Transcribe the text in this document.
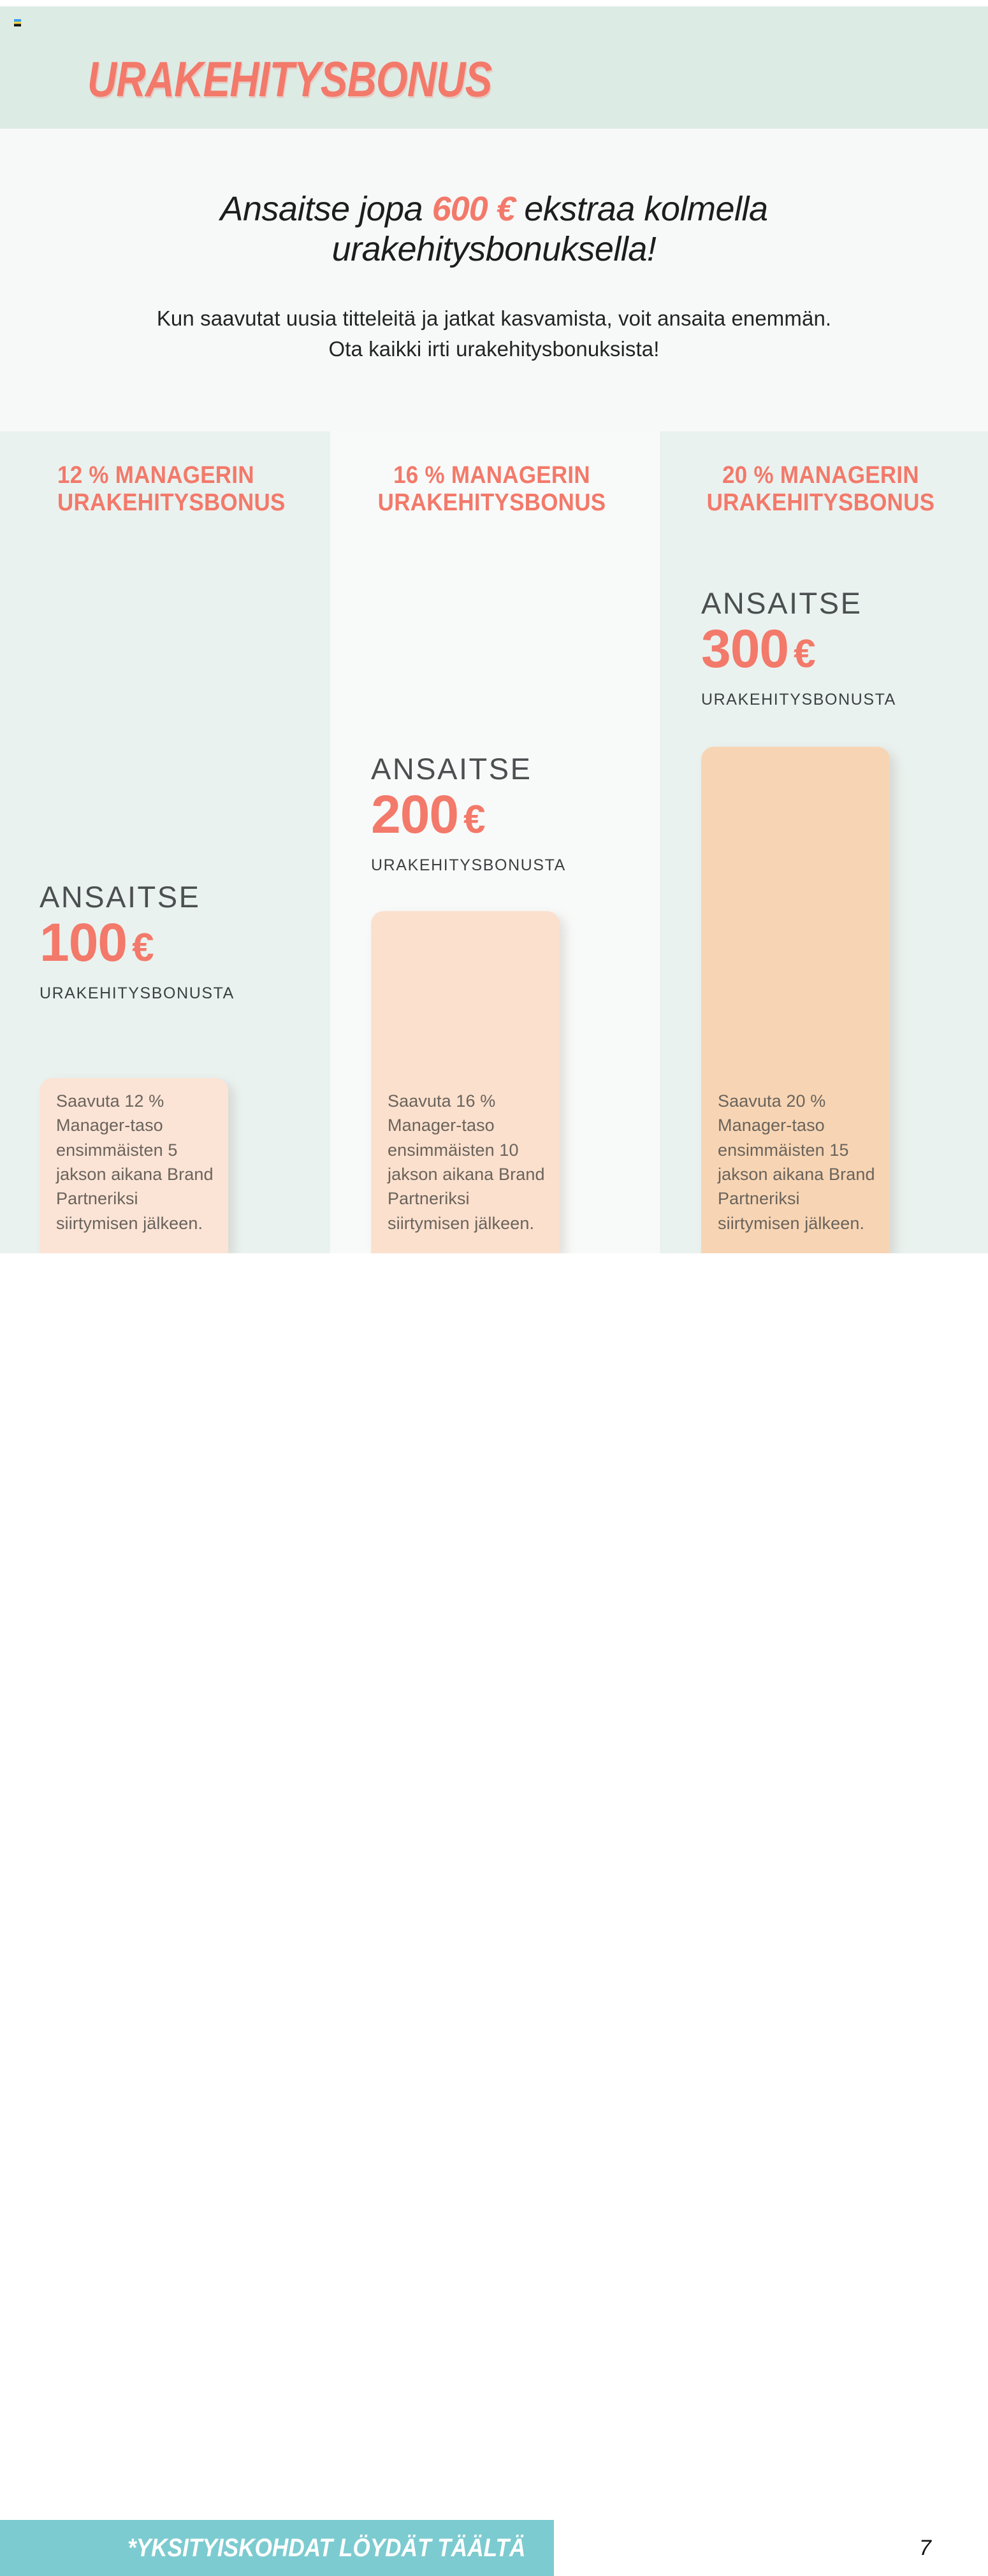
URAKEHITYSBONUS
Ansaitse jopa 600 € ekstraa kolmella
urakehitysbonuksella!
Kun saavutat uusia titteleitä ja jatkat kasvamista, voit ansaita enemmän.
Ota kaikki irti urakehitysbonuksista!
12 % MANAGERIN
URAKEHITYSBONUS
ANSAITSE
100 €
URAKEHITYSBONUSTA
Saavuta 12 % Manager-taso ensimmäisten 5 jakson aikana Brand Partneriksi siirtymisen jälkeen.
16 % MANAGERIN
URAKEHITYSBONUS
ANSAITSE
200 €
URAKEHITYSBONUSTA
Saavuta 16 % Manager-taso ensimmäisten 10 jakson aikana Brand Partneriksi siirtymisen jälkeen.
20 % MANAGERIN
URAKEHITYSBONUS
ANSAITSE
300 €
URAKEHITYSBONUSTA
Saavuta 20 % Manager-taso ensimmäisten 15 jakson aikana Brand Partneriksi siirtymisen jälkeen.
*YKSITYISKOHDAT LÖYDÄT TÄÄLTÄ	7
